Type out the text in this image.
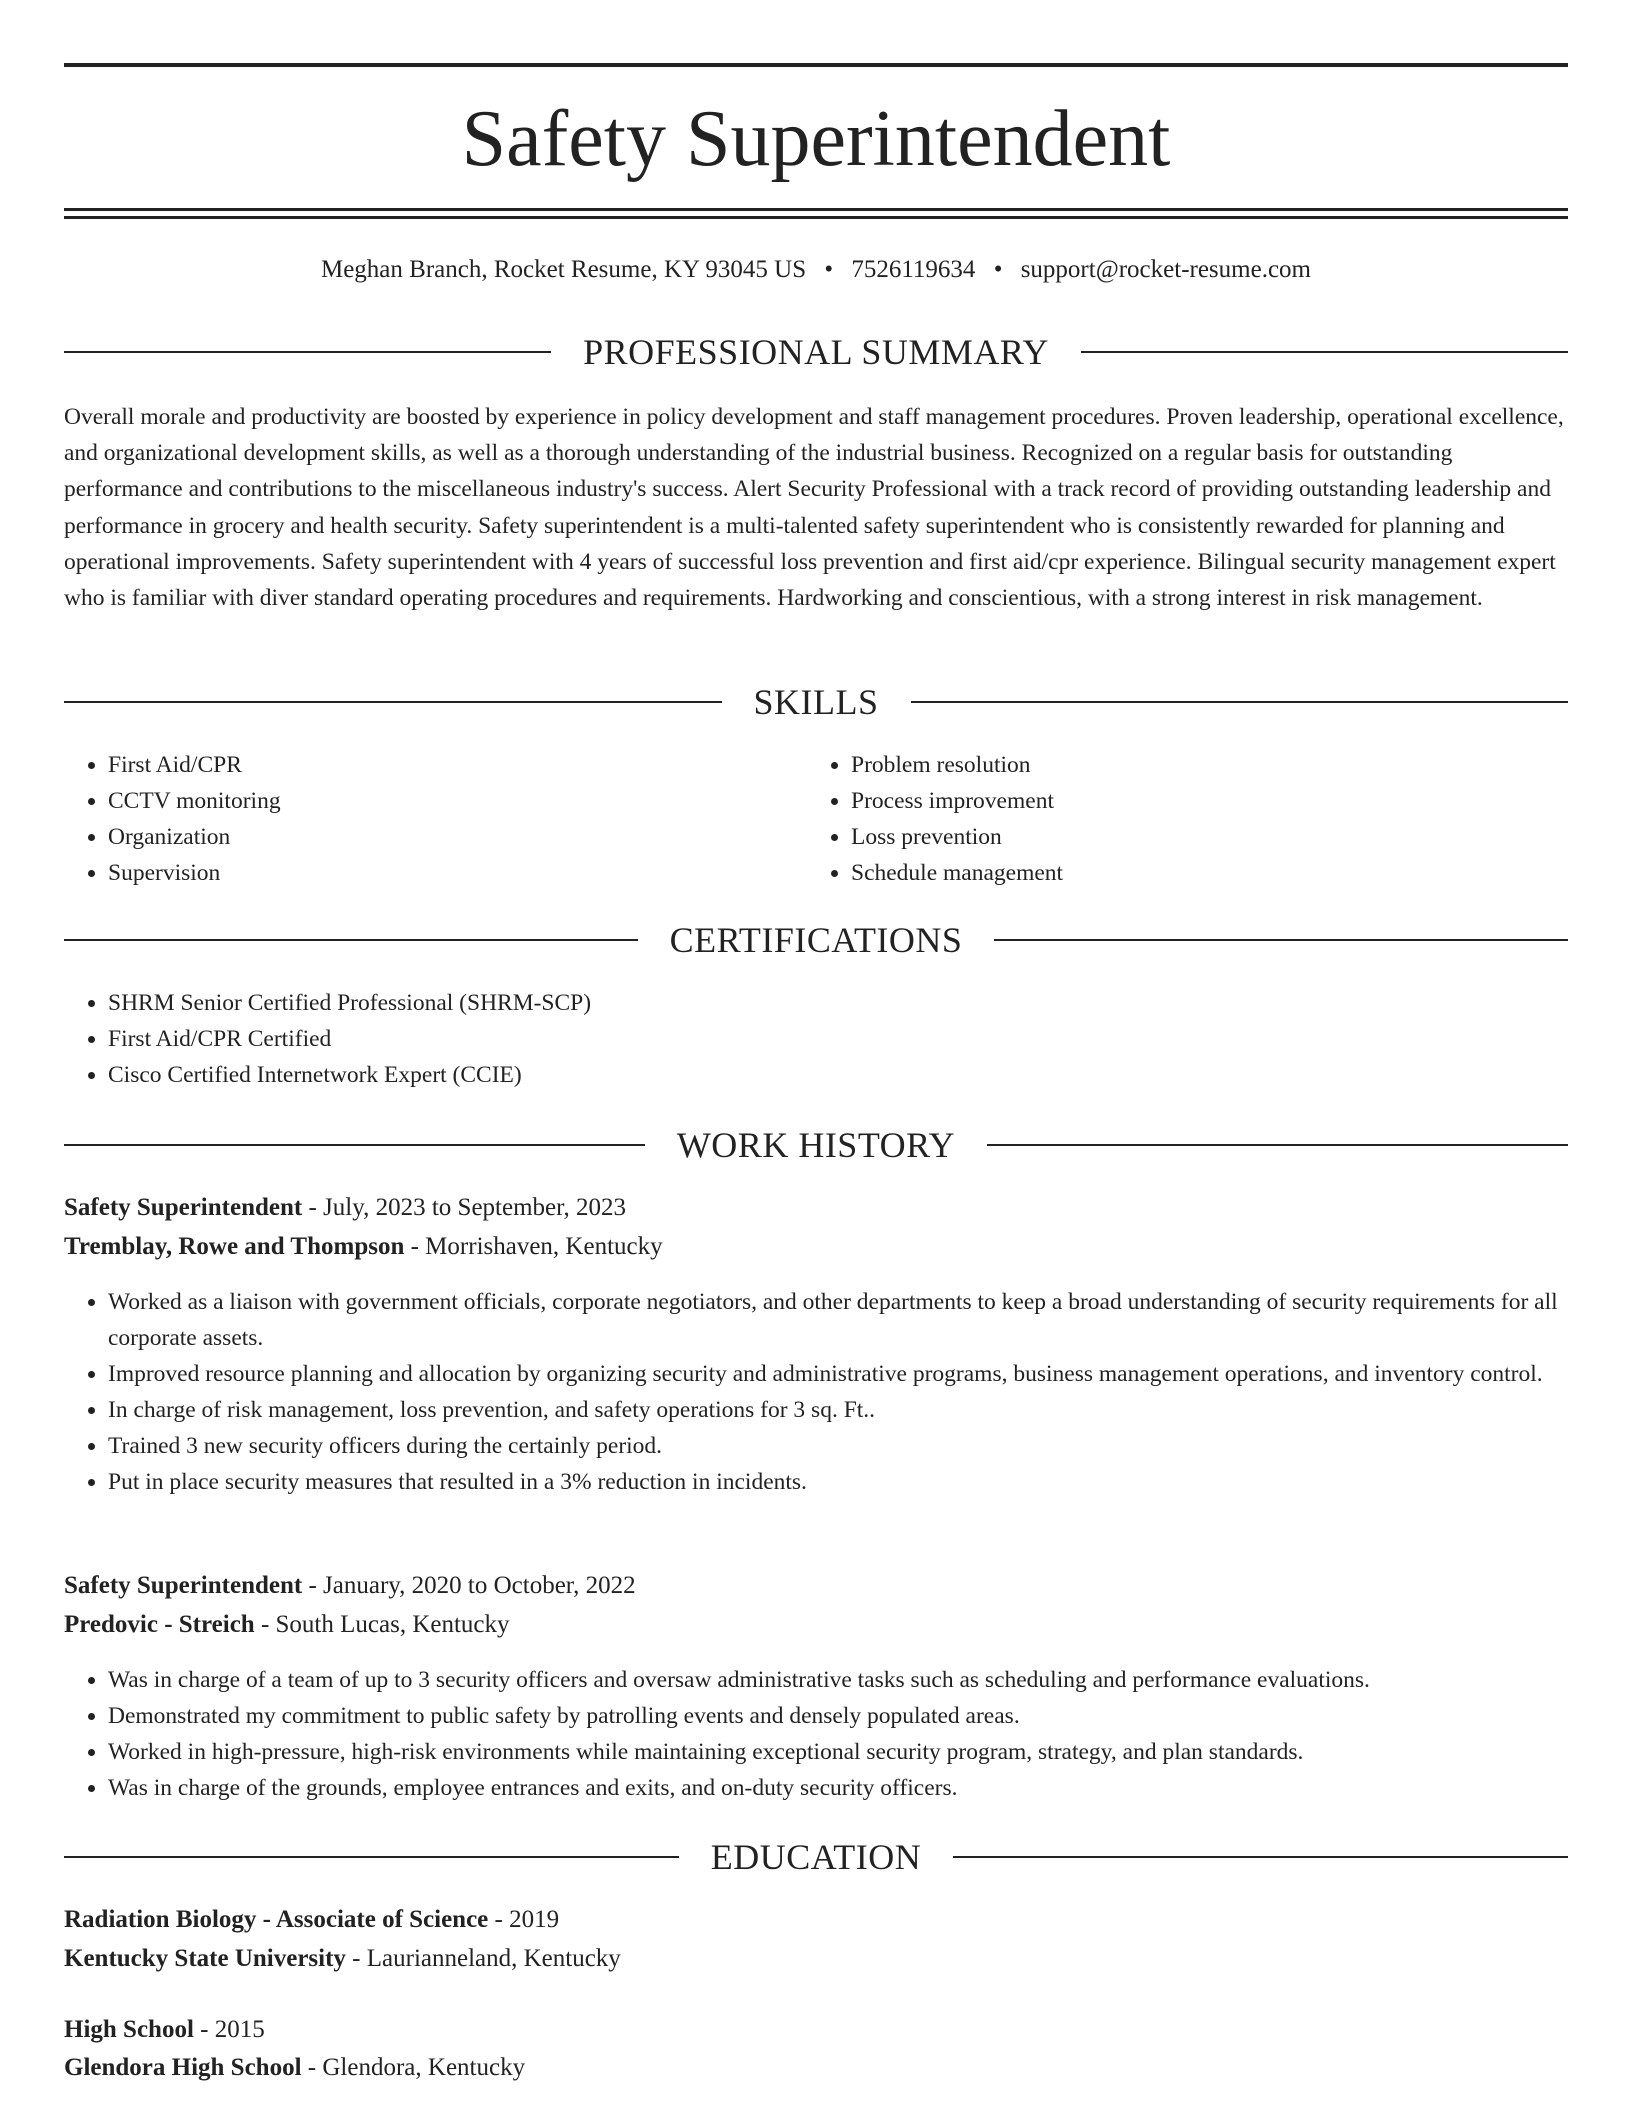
Safety Superintendent
Meghan Branch, Rocket Resume, KY 93045 US • 7526119634 • support@rocket-resume.com
PROFESSIONAL SUMMARY

Overall morale and productivity are boosted by experience in policy development and staff management procedures. Proven leadership, operational excellence, and organizational development skills, as well as a thorough understanding of the industrial business. Recognized on a regular basis for outstanding performance and contributions to the miscellaneous industry's success. Alert Security Professional with a track record of providing outstanding leadership and performance in grocery and health security. Safety superintendent is a multi-talented safety superintendent who is consistently rewarded for planning and operational improvements. Safety superintendent with 4 years of successful loss prevention and first aid/cpr experience. Bilingual security management expert who is familiar with diver standard operating procedures and requirements. Hardworking and conscientious, with a strong interest in risk management.

SKILLS
• First Aid/CPR
• CCTV monitoring
• Organization
• Supervision
• Problem resolution
• Process improvement
• Loss prevention
• Schedule management
CERTIFICATIONS
• SHRM Senior Certified Professional (SHRM-SCP)
• First Aid/CPR Certified
• Cisco Certified Internetwork Expert (CCIE)
WORK HISTORY
Safety Superintendent - July, 2023 to September, 2023
Tremblay, Rowe and Thompson - Morrishaven, Kentucky
• Worked as a liaison with government officials, corporate negotiators, and other departments to keep a broad understanding of security requirements for all corporate assets.
• Improved resource planning and allocation by organizing security and administrative programs, business management operations, and inventory control.
• In charge of risk management, loss prevention, and safety operations for 3 sq. Ft..
• Trained 3 new security officers during the certainly period.
• Put in place security measures that resulted in a 3% reduction in incidents.
Safety Superintendent - January, 2020 to October, 2022
Predovic - Streich - South Lucas, Kentucky
• Was in charge of a team of up to 3 security officers and oversaw administrative tasks such as scheduling and performance evaluations.
• Demonstrated my commitment to public safety by patrolling events and densely populated areas.
• Worked in high-pressure, high-risk environments while maintaining exceptional security program, strategy, and plan standards.
• Was in charge of the grounds, employee entrances and exits, and on-duty security officers.
EDUCATION
Radiation Biology - Associate of Science - 2019
Kentucky State University - Laurianneland, Kentucky
High School - 2015
Glendora High School - Glendora, Kentucky
